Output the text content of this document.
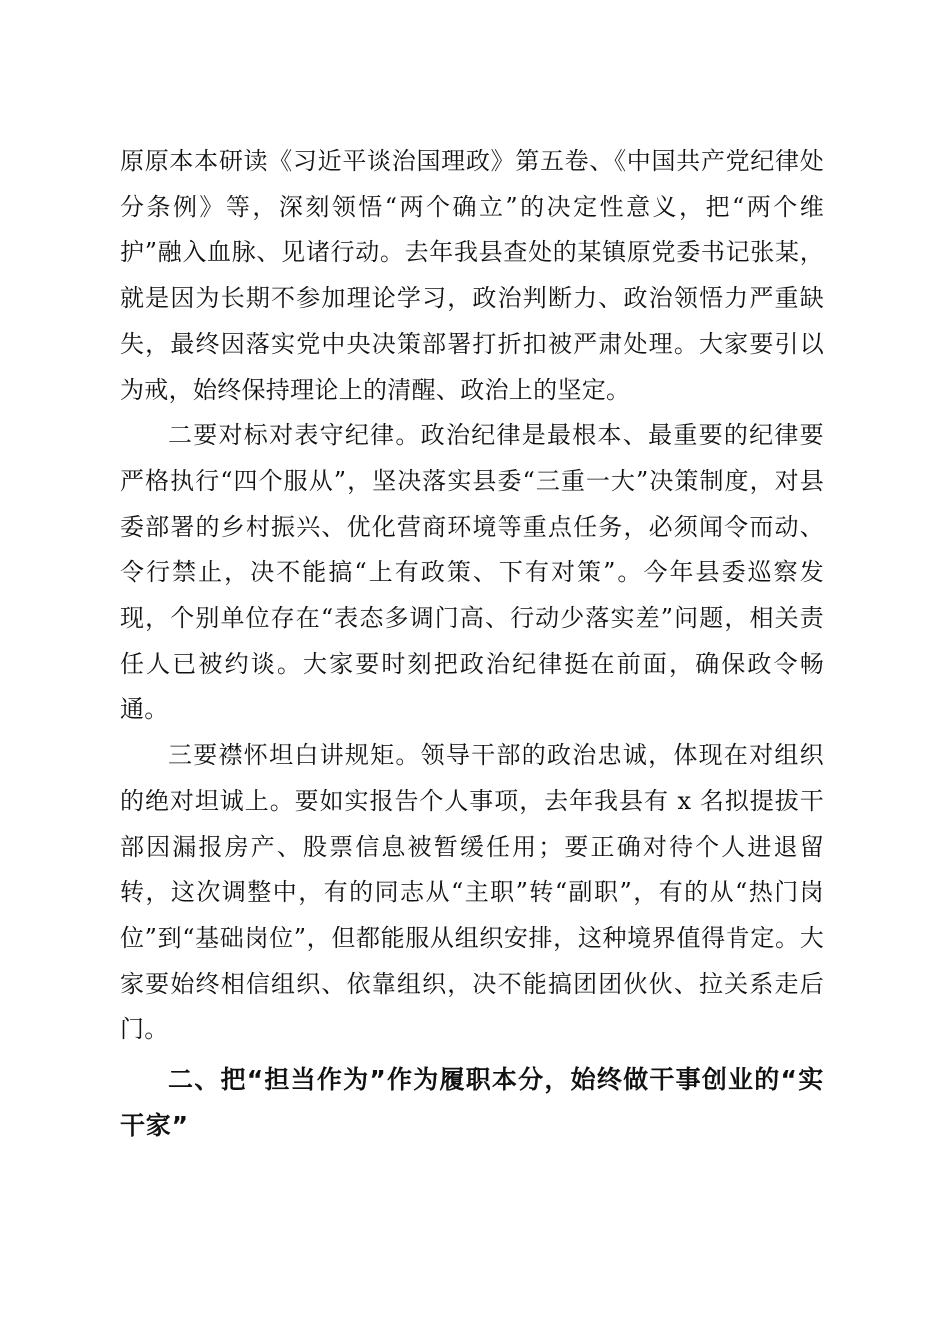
原原本本研读《习近平谈治国理政》第五卷、《中国共产党纪律处分条例》等，深刻领悟“两个确立”的决定性意义，把“两个维护”融入血脉、见诸行动。去年我县查处的某镇原党委书记张某，就是因为长期不参加理论学习，政治判断力、政治领悟力严重缺失，最终因落实党中央决策部署打折扣被严肃处理。大家要引以为戒，始终保持理论上的清醒、政治上的坚定。

二要对标对表守纪律。政治纪律是最根本、最重要的纪律要严格执行“四个服从”，坚决落实县委“三重一大”决策制度，对县委部署的乡村振兴、优化营商环境等重点任务，必须闻令而动、令行禁止，决不能搞“上有政策、下有对策”。今年县委巡察发现，个别单位存在“表态多调门高、行动少落实差”问题，相关责任人已被约谈。大家要时刻把政治纪律挺在前面，确保政令畅通。

三要襟怀坦白讲规矩。领导干部的政治忠诚，体现在对组织的绝对坦诚上。要如实报告个人事项，去年我县有 x 名拟提拔干部因漏报房产、股票信息被暂缓任用；要正确对待个人进退留转，这次调整中，有的同志从“主职”转“副职”，有的从“热门岗位”到“基础岗位”，但都能服从组织安排，这种境界值得肯定。大家要始终相信组织、依靠组织，决不能搞团团伙伙、拉关系走后门。

二、把“担当作为”作为履职本分，始终做干事创业的“实干家”
